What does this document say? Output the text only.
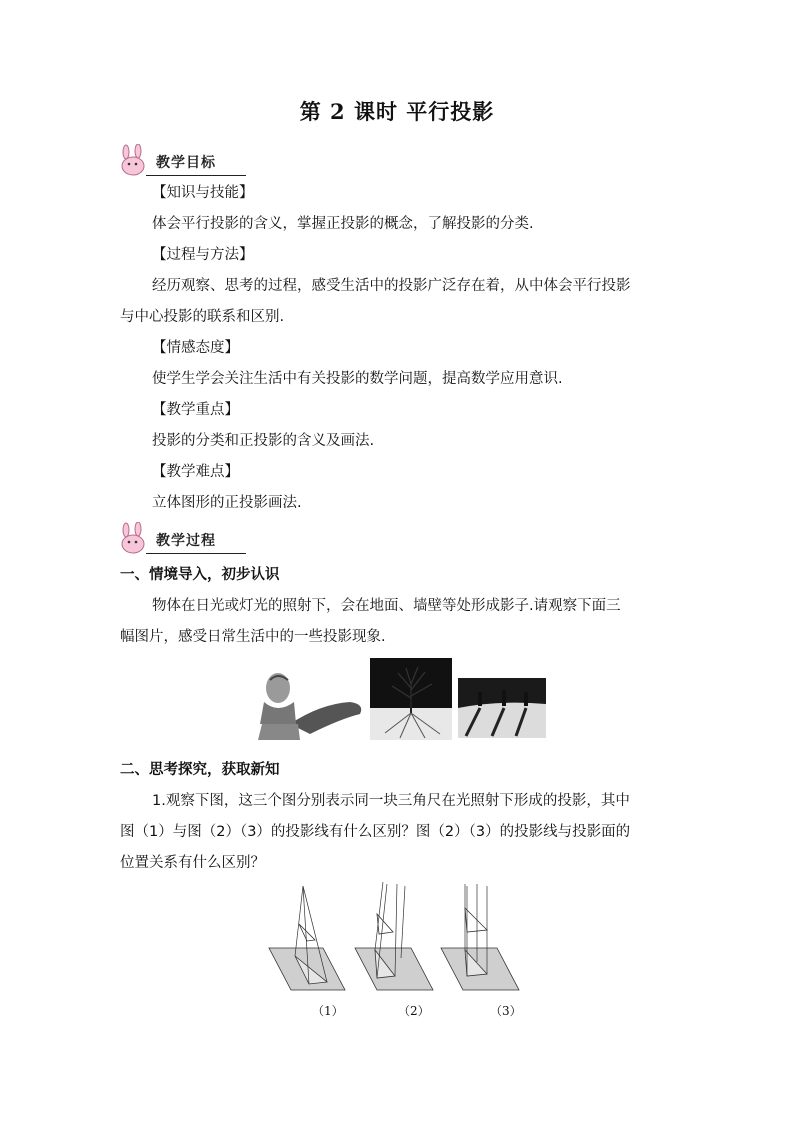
第 2 课时 平行投影
教学目标
【知识与技能】
体会平行投影的含义，掌握正投影的概念，了解投影的分类.
【过程与方法】
经历观察、思考的过程，感受生活中的投影广泛存在着，从中体会平行投影
与中心投影的联系和区别.
【情感态度】
使学生学会关注生活中有关投影的数学问题，提高数学应用意识.
【教学重点】
投影的分类和正投影的含义及画法.
【教学难点】
立体图形的正投影画法.
教学过程
一、情境导入，初步认识
物体在日光或灯光的照射下，会在地面、墙壁等处形成影子.请观察下面三
幅图片，感受日常生活中的一些投影现象.
二、思考探究，获取新知
1.观察下图，这三个图分别表示同一块三角尺在光照射下形成的投影，其中
图（1）与图（2）（3）的投影线有什么区别？图（2）（3）的投影线与投影面的
位置关系有什么区别？
（1）	（2）	（3）
